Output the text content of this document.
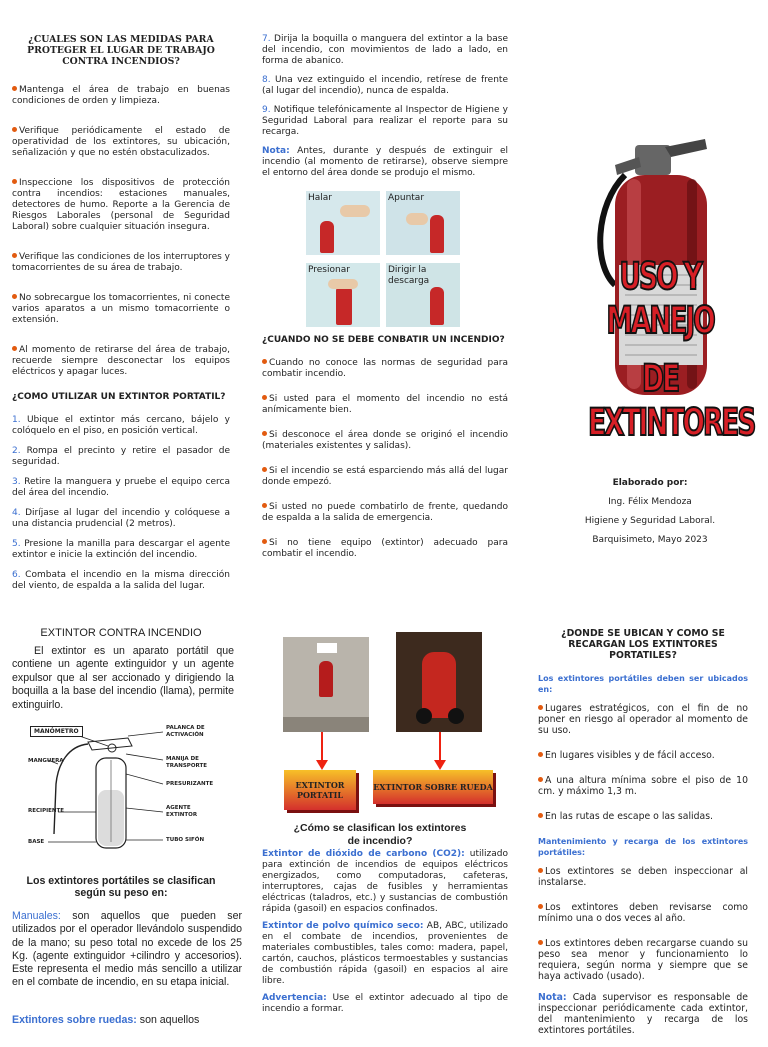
¿CUALES SON LAS MEDIDAS PARA PROTEGER EL LUGAR DE TRABAJO CONTRA INCENDIOS?

Mantenga el área de trabajo en buenas condiciones de orden y limpieza.

Verifique periódicamente el estado de operatividad de los extintores, su ubicación, señalización y que no estén obstaculizados.

Inspeccione los dispositivos de protección contra incendios: estaciones manuales, detectores de humo. Reporte a la Gerencia de Riesgos Laborales (personal de Seguridad Laboral) sobre cualquier situación insegura.

Verifique las condiciones de los interruptores y tomacorrientes de su área de trabajo.

No sobrecargue los tomacorrientes, ni conecte varios aparatos a un mismo tomacorriente o extensión.

Al momento de retirarse del área de trabajo, recuerde siempre desconectar los equipos eléctricos y apagar luces.

¿COMO UTILIZAR UN EXTINTOR PORTATIL?

1. Ubique el extintor más cercano, bájelo y colóquelo en el piso, en posición vertical.

2. Rompa el precinto y retire el pasador de seguridad.

3. Retire la manguera y pruebe el equipo cerca del área del incendio.

4. Diríjase al lugar del incendio y colóquese a una distancia prudencial (2 metros).

5. Presione la manilla para descargar el agente extintor e inicie la extinción del incendio.

6. Combata el incendio en la misma dirección del viento, de espalda a la salida del lugar.

7. Dirija la boquilla o manguera del extintor a la base del incendio, con movimientos de lado a lado, en forma de abanico.

8. Una vez extinguido el incendio, retírese de frente (al lugar del incendio), nunca de espalda.

9. Notifique telefónicamente al Inspector de Higiene y Seguridad Laboral para realizar el reporte para su recarga.

Nota: Antes, durante y después de extinguir el incendio (al momento de retirarse), observe siempre el entorno del área donde se produjo el mismo.

Halar	Apuntar
Presionar	Dirigir la descarga

¿CUANDO NO SE DEBE CONBATIR UN INCENDIO?

Cuando no conoce las normas de seguridad para combatir incendio.

Si usted para el momento del incendio no está anímicamente bien.

Si desconoce el área donde se originó el incendio (materiales existentes y salidas).

Si el incendio se está esparciendo más allá del lugar donde empezó.

Si usted no puede combatirlo de frente, quedando de espalda a la salida de emergencia.

Si no tiene equipo (extintor) adecuado para combatir el incendio.

USO Y MANEJO
DE EXTINTORES
Elaborado por:
Ing. Félix Mendoza
Higiene y Seguridad Laboral.
Barquisimeto, Mayo 2023
EXTINTOR CONTRA INCENDIO
El extintor es un aparato portátil que contiene un agente extinguidor y un agente expulsor que al ser accionado y dirigiendo la boquilla a la base del incendio (llama), permite extinguirlo.
MANÓMETRO	PALANCA DE ACTIVACIÓN
MANGUERA	MANIJA DE TRANSPORTE
PRESURIZANTE
RECIPIENTE	AGENTE EXTINTOR
BASE	TUBO SIFÓN
Los extintores portátiles se clasifican según su peso en:
Manuales: son aquellos que pueden ser utilizados por el operador llevándolo suspendido de la mano; su peso total no excede de los 25 Kg. (agente extinguidor +cilindro y accesorios). Este representa el medio más sencillo a utilizar en el combate de incendio, en su etapa inicial.
Extintores sobre ruedas: son aquellos
EXTINTOR PORTATIL
EXTINTOR SOBRE RUEDA
¿Cómo se clasifican los extintores de incendio?

Extintor de dióxido de carbono (CO2): utilizado para extinción de incendios de equipos eléctricos energizados, como computadoras, cafeteras, interruptores, cajas de fusibles y herramientas eléctricas (taladros, etc.) y sustancias de combustión rápida (gasoil) en espacios confinados.

Extintor de polvo químico seco: AB, ABC, utilizado en el combate de incendios, provenientes de materiales combustibles, tales como: madera, papel, cartón, cauchos, plásticos termoestables y sustancias de combustión rápida (gasoil) en espacios al aire libre.

Advertencia: Use el extintor adecuado al tipo de incendio a formar.

¿DONDE SE UBICAN Y COMO SE RECARGAN LOS EXTINTORES PORTATILES?

Los extintores portátiles deben ser ubicados en:

Lugares estratégicos, con el fin de no poner en riesgo al operador al momento de su uso.

En lugares visibles y de fácil acceso.

A una altura mínima sobre el piso de 10 cm. y máximo 1,3 m.

En las rutas de escape o las salidas.

Mantenimiento y recarga de los extintores portátiles:

Los extintores se deben inspeccionar al instalarse.

Los extintores deben revisarse como mínimo una o dos veces al año.

Los extintores deben recargarse cuando su peso sea menor y funcionamiento lo requiera, según norma y siempre que se haya activado (usado).

Nota: Cada supervisor es responsable de inspeccionar periódicamente cada extintor, del mantenimiento y recarga de los extintores portátiles.
